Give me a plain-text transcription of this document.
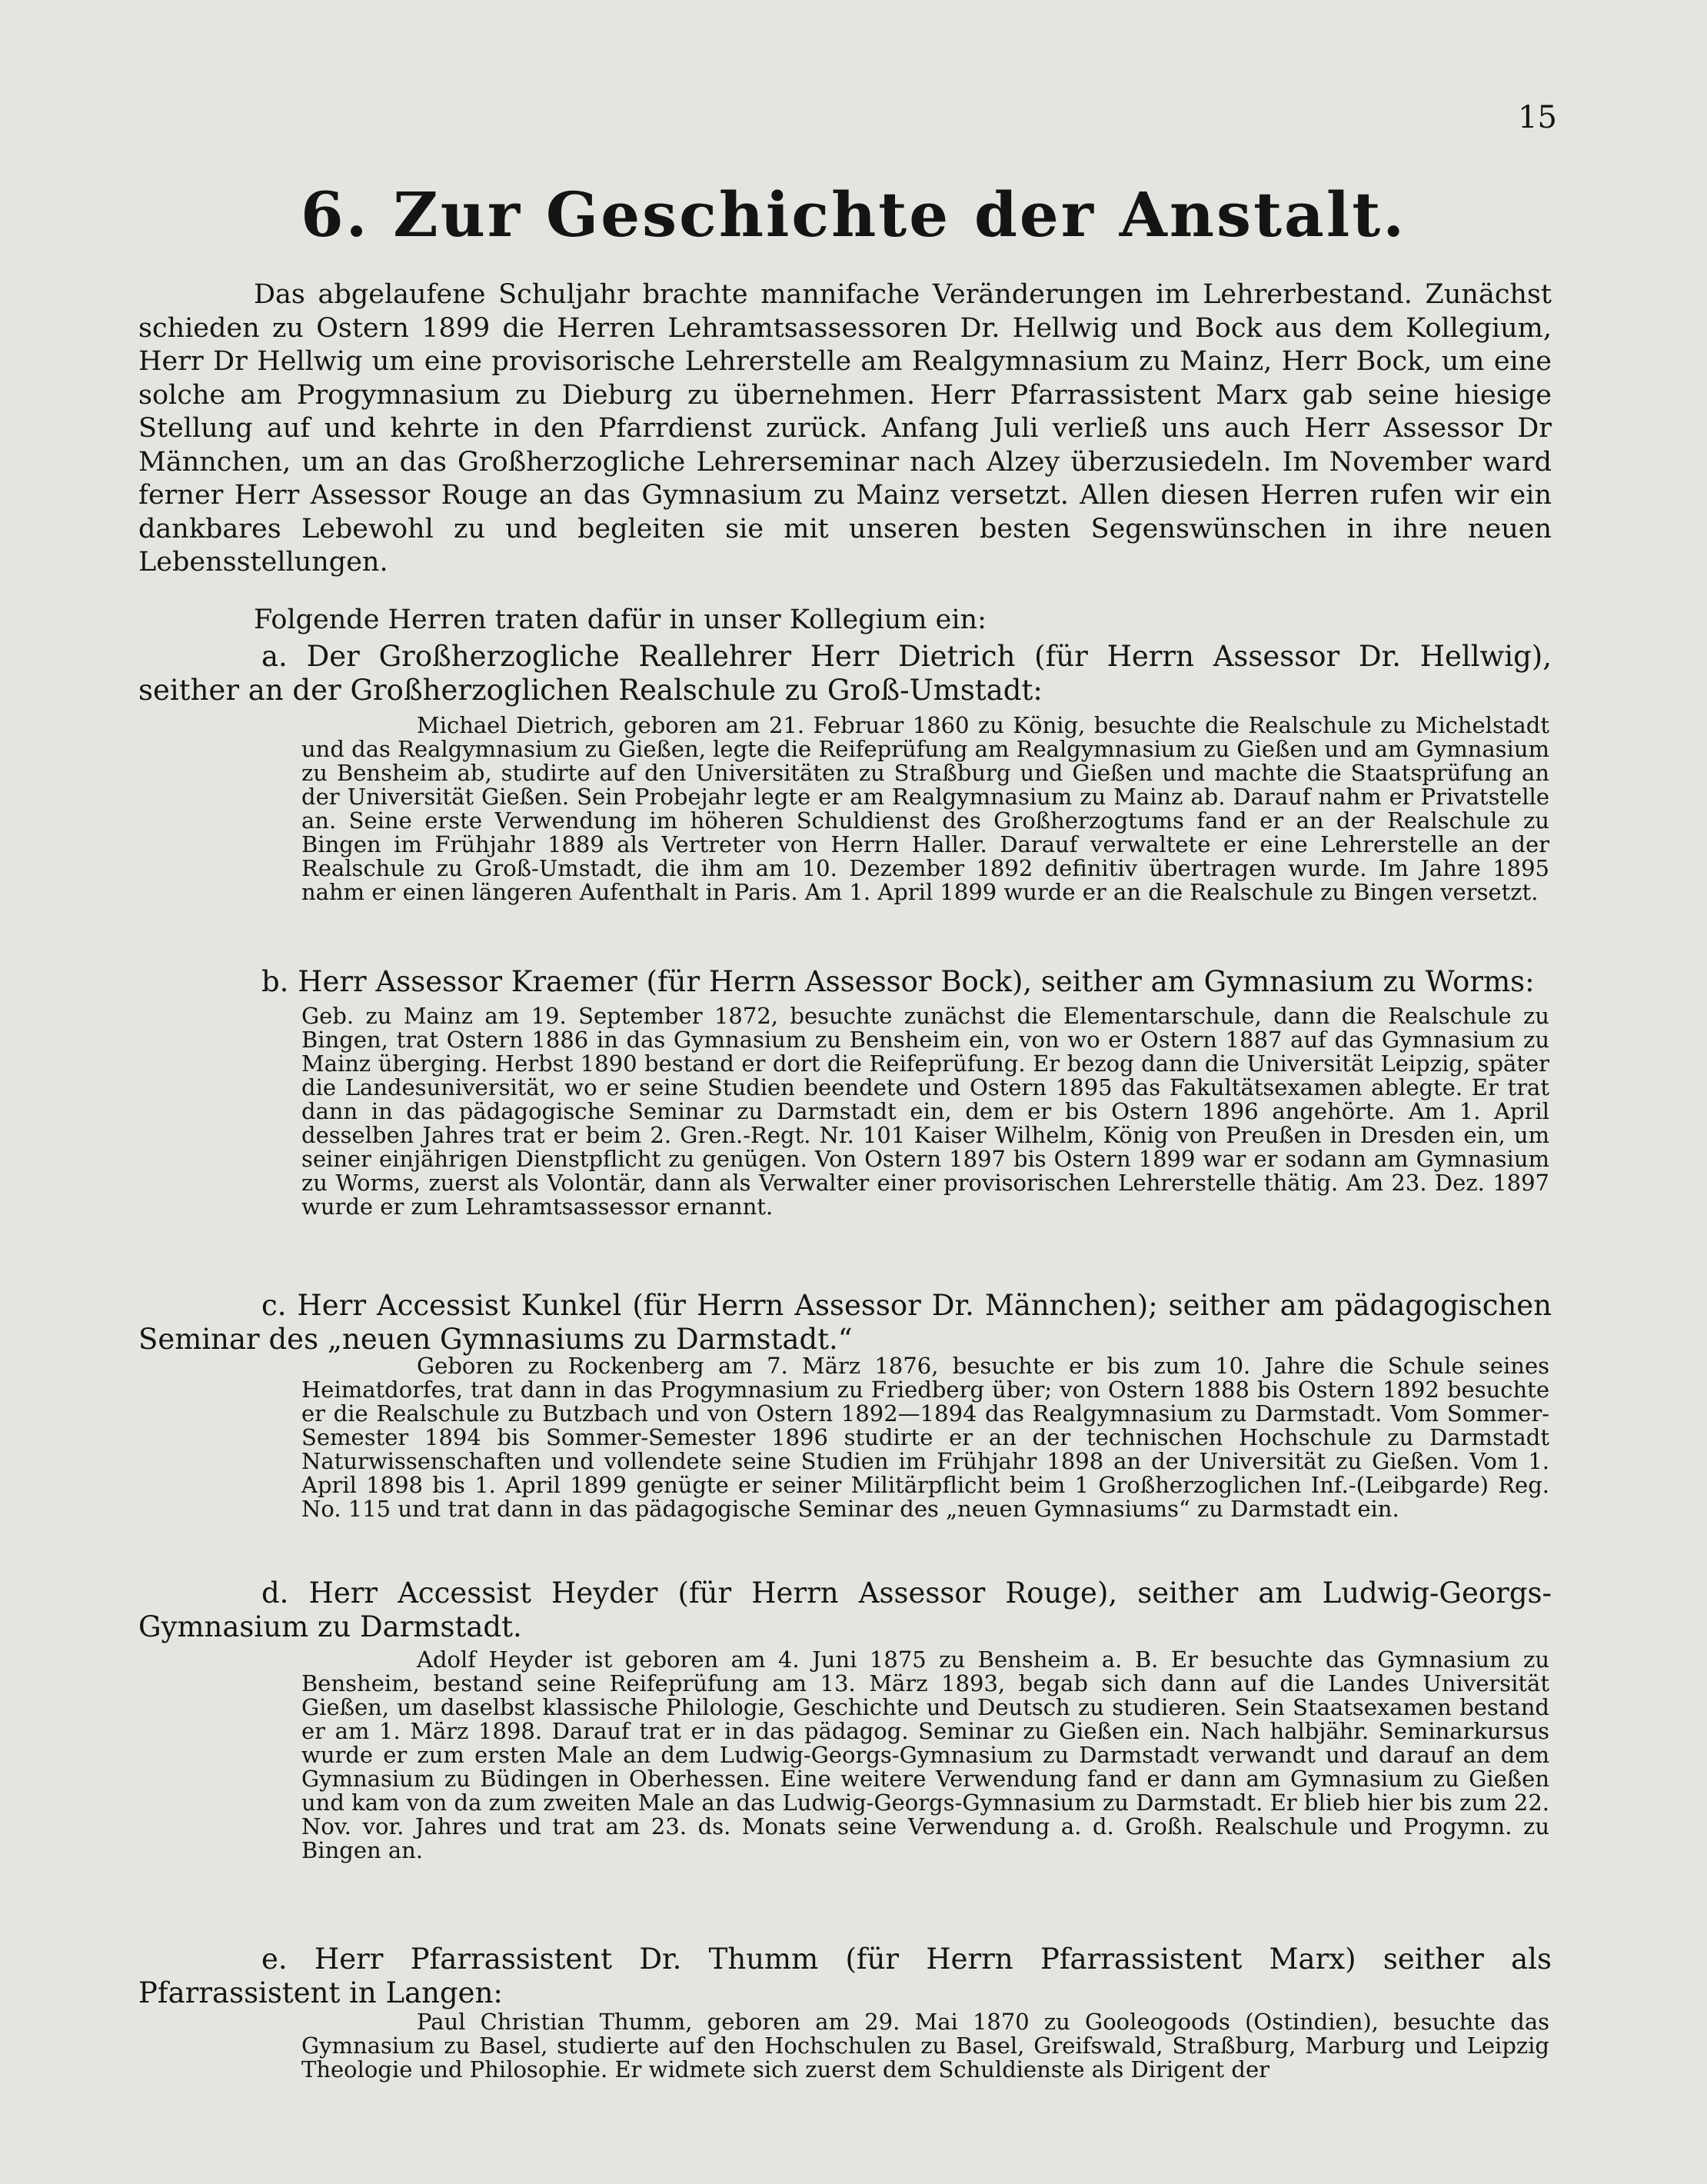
15
6. Zur Geschichte der Anstalt.

Das abgelaufene Schuljahr brachte mannifache Veränderungen im Lehrerbestand. Zunächst schieden zu Ostern 1899 die Herren Lehramtsassessoren Dr. Hellwig und Bock aus dem Kollegium, Herr Dr Hellwig um eine provisorische Lehrerstelle am Realgymnasium zu Mainz, Herr Bock, um eine solche am Progymnasium zu Dieburg zu übernehmen. Herr Pfarrassistent Marx gab seine hiesige Stellung auf und kehrte in den Pfarrdienst zurück. Anfang Juli verließ uns auch Herr Assessor Dr Männchen, um an das Großherzogliche Lehrerseminar nach Alzey überzusiedeln. Im November ward ferner Herr Assessor Rouge an das Gymnasium zu Mainz versetzt. Allen diesen Herren rufen wir ein dankbares Lebewohl zu und begleiten sie mit unseren besten Segenswünschen in ihre neuen Lebensstellungen.

Folgende Herren traten dafür in unser Kollegium ein:

a. Der Großherzogliche Reallehrer Herr Dietrich (für Herrn Assessor Dr. Hellwig), seither an der Großherzoglichen Realschule zu Groß-Umstadt:

Michael Dietrich, geboren am 21. Februar 1860 zu König, besuchte die Realschule zu Michelstadt und das Realgymnasium zu Gießen, legte die Reifeprüfung am Realgymnasium zu Gießen und am Gymnasium zu Bensheim ab, studirte auf den Universitäten zu Straßburg und Gießen und machte die Staatsprüfung an der Universität Gießen. Sein Probejahr legte er am Realgymnasium zu Mainz ab. Darauf nahm er Privatstelle an. Seine erste Verwendung im höheren Schuldienst des Großherzogtums fand er an der Realschule zu Bingen im Frühjahr 1889 als Vertreter von Herrn Haller. Darauf verwaltete er eine Lehrerstelle an der Realschule zu Groß-Umstadt, die ihm am 10. Dezember 1892 definitiv übertragen wurde. Im Jahre 1895 nahm er einen längeren Aufenthalt in Paris. Am 1. April 1899 wurde er an die Realschule zu Bingen versetzt.

b. Herr Assessor Kraemer (für Herrn Assessor Bock), seither am Gymnasium zu Worms:

Geb. zu Mainz am 19. September 1872, besuchte zunächst die Elementarschule, dann die Realschule zu Bingen, trat Ostern 1886 in das Gymnasium zu Bensheim ein, von wo er Ostern 1887 auf das Gymnasium zu Mainz überging. Herbst 1890 bestand er dort die Reifeprüfung. Er bezog dann die Universität Leipzig, später die Landesuniversität, wo er seine Studien beendete und Ostern 1895 das Fakultätsexamen ablegte. Er trat dann in das pädagogische Seminar zu Darmstadt ein, dem er bis Ostern 1896 angehörte. Am 1. April desselben Jahres trat er beim 2. Gren.-Regt. Nr. 101 Kaiser Wilhelm, König von Preußen in Dresden ein, um seiner einjährigen Dienstpflicht zu genügen. Von Ostern 1897 bis Ostern 1899 war er sodann am Gymnasium zu Worms, zuerst als Volontär, dann als Verwalter einer provisorischen Lehrerstelle thätig. Am 23. Dez. 1897 wurde er zum Lehramtsassessor ernannt.

c. Herr Accessist Kunkel (für Herrn Assessor Dr. Männchen); seither am pädagogischen Seminar des „neuen Gymnasiums zu Darmstadt.“

Geboren zu Rockenberg am 7. März 1876, besuchte er bis zum 10. Jahre die Schule seines Heimatdorfes, trat dann in das Progymnasium zu Friedberg über; von Ostern 1888 bis Ostern 1892 besuchte er die Realschule zu Butzbach und von Ostern 1892—1894 das Realgymnasium zu Darmstadt. Vom Sommer-Semester 1894 bis Sommer-Semester 1896 studirte er an der technischen Hochschule zu Darmstadt Naturwissenschaften und vollendete seine Studien im Frühjahr 1898 an der Universität zu Gießen. Vom 1. April 1898 bis 1. April 1899 genügte er seiner Militärpflicht beim 1 Großherzoglichen Inf.-(Leibgarde) Reg. No. 115 und trat dann in das pädagogische Seminar des „neuen Gymnasiums“ zu Darmstadt ein.

d. Herr Accessist Heyder (für Herrn Assessor Rouge), seither am Ludwig-Georgs-Gymnasium zu Darmstadt.

Adolf Heyder ist geboren am 4. Juni 1875 zu Bensheim a. B. Er besuchte das Gymnasium zu Bensheim, bestand seine Reifeprüfung am 13. März 1893, begab sich dann auf die Landes Universität Gießen, um daselbst klassische Philologie, Geschichte und Deutsch zu studieren. Sein Staatsexamen bestand er am 1. März 1898. Darauf trat er in das pädagog. Seminar zu Gießen ein. Nach halbjähr. Seminarkursus wurde er zum ersten Male an dem Ludwig-Georgs-Gymnasium zu Darmstadt verwandt und darauf an dem Gymnasium zu Büdingen in Oberhessen. Eine weitere Verwendung fand er dann am Gymnasium zu Gießen und kam von da zum zweiten Male an das Ludwig-Georgs-Gymnasium zu Darmstadt. Er blieb hier bis zum 22. Nov. vor. Jahres und trat am 23. ds. Monats seine Verwendung a. d. Großh. Realschule und Progymn. zu Bingen an.

e. Herr Pfarrassistent Dr. Thumm (für Herrn Pfarrassistent Marx) seither als Pfarrassistent in Langen:

Paul Christian Thumm, geboren am 29. Mai 1870 zu Gooleogoods (Ostindien), besuchte das Gymnasium zu Basel, studierte auf den Hochschulen zu Basel, Greifswald, Straßburg, Marburg und Leipzig Theologie und Philosophie. Er widmete sich zuerst dem Schuldienste als Dirigent der
